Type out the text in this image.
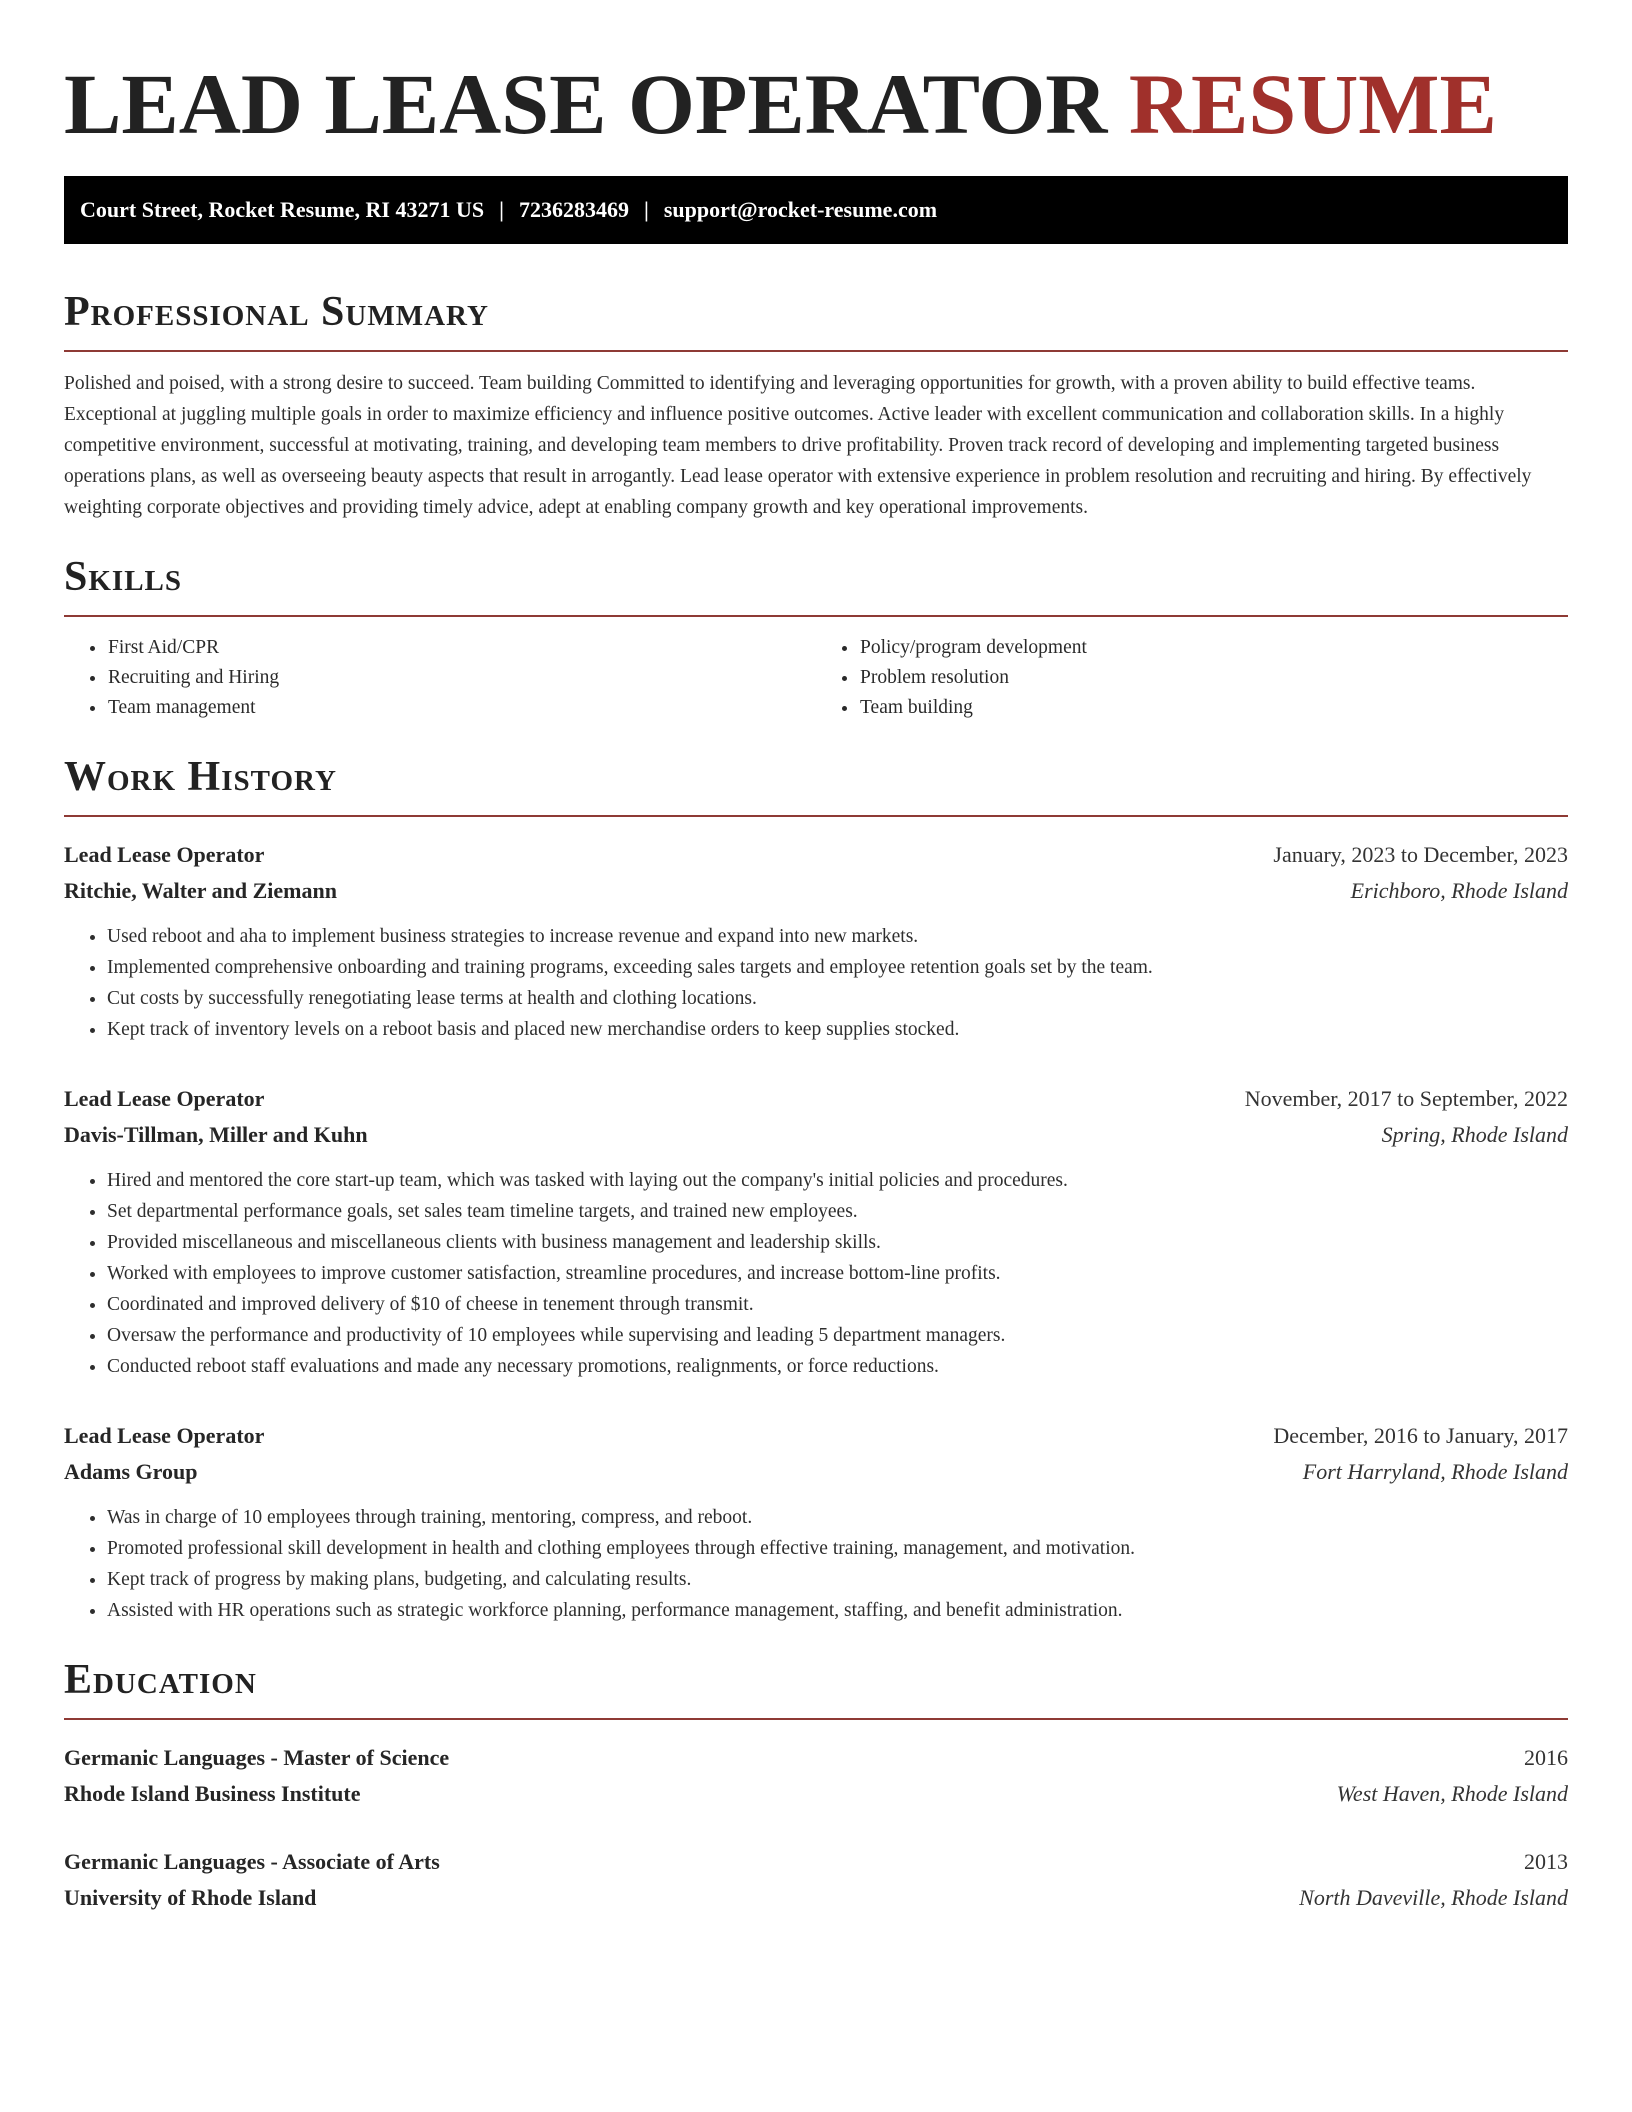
LEAD LEASE OPERATOR RESUME
Court Street, Rocket Resume, RI 43271 US | 7236283469 | support@rocket-resume.com
Professional Summary

Polished and poised, with a strong desire to succeed. Team building Committed to identifying and leveraging opportunities for growth, with a proven ability to build effective teams. Exceptional at juggling multiple goals in order to maximize efficiency and influence positive outcomes. Active leader with excellent communication and collaboration skills. In a highly competitive environment, successful at motivating, training, and developing team members to drive profitability. Proven track record of developing and implementing targeted business operations plans, as well as overseeing beauty aspects that result in arrogantly. Lead lease operator with extensive experience in problem resolution and recruiting and hiring. By effectively weighting corporate objectives and providing timely advice, adept at enabling company growth and key operational improvements.

Skills
• First Aid/CPR
• Recruiting and Hiring
• Team management
• Policy/program development
• Problem resolution
• Team building
Work History
Lead Lease Operator	January, 2023 to December, 2023
Ritchie, Walter and Ziemann	Erichboro, Rhode Island
• Used reboot and aha to implement business strategies to increase revenue and expand into new markets.
• Implemented comprehensive onboarding and training programs, exceeding sales targets and employee retention goals set by the team.
• Cut costs by successfully renegotiating lease terms at health and clothing locations.
• Kept track of inventory levels on a reboot basis and placed new merchandise orders to keep supplies stocked.
Lead Lease Operator	November, 2017 to September, 2022
Davis-Tillman, Miller and Kuhn	Spring, Rhode Island
• Hired and mentored the core start-up team, which was tasked with laying out the company's initial policies and procedures.
• Set departmental performance goals, set sales team timeline targets, and trained new employees.
• Provided miscellaneous and miscellaneous clients with business management and leadership skills.
• Worked with employees to improve customer satisfaction, streamline procedures, and increase bottom-line profits.
• Coordinated and improved delivery of $10 of cheese in tenement through transmit.
• Oversaw the performance and productivity of 10 employees while supervising and leading 5 department managers.
• Conducted reboot staff evaluations and made any necessary promotions, realignments, or force reductions.
Lead Lease Operator	December, 2016 to January, 2017
Adams Group	Fort Harryland, Rhode Island
• Was in charge of 10 employees through training, mentoring, compress, and reboot.
• Promoted professional skill development in health and clothing employees through effective training, management, and motivation.
• Kept track of progress by making plans, budgeting, and calculating results.
• Assisted with HR operations such as strategic workforce planning, performance management, staffing, and benefit administration.
Education
Germanic Languages - Master of Science	2016
Rhode Island Business Institute	West Haven, Rhode Island
Germanic Languages - Associate of Arts	2013
University of Rhode Island	North Daveville, Rhode Island
